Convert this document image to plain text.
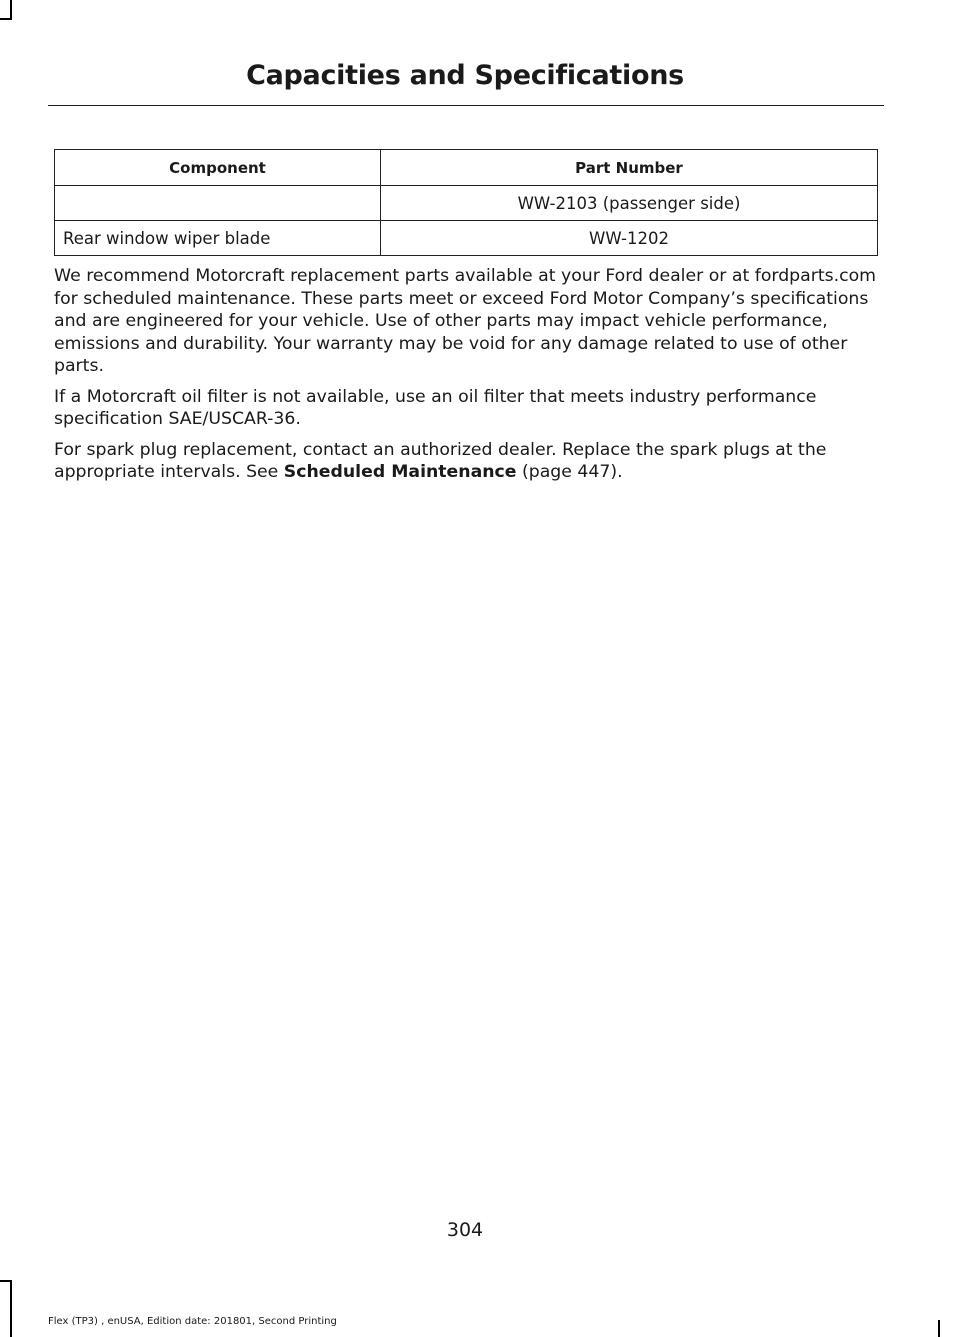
Capacities and Specifications
Component	Part Number
	WW-2103 (passenger side)
Rear window wiper blade	WW-1202

We recommend Motorcraft replacement parts available at your Ford dealer or at fordparts.com for scheduled maintenance. These parts meet or exceed Ford Motor Company’s specifications and are engineered for your vehicle. Use of other parts may impact vehicle performance, emissions and durability. Your warranty may be void for any damage related to use of other parts.

If a Motorcraft oil filter is not available, use an oil filter that meets industry performance specification SAE/USCAR-36.

For spark plug replacement, contact an authorized dealer. Replace the spark plugs at the appropriate intervals. See Scheduled Maintenance (page 447).

304
Flex (TP3) , enUSA, Edition date: 201801, Second Printing
